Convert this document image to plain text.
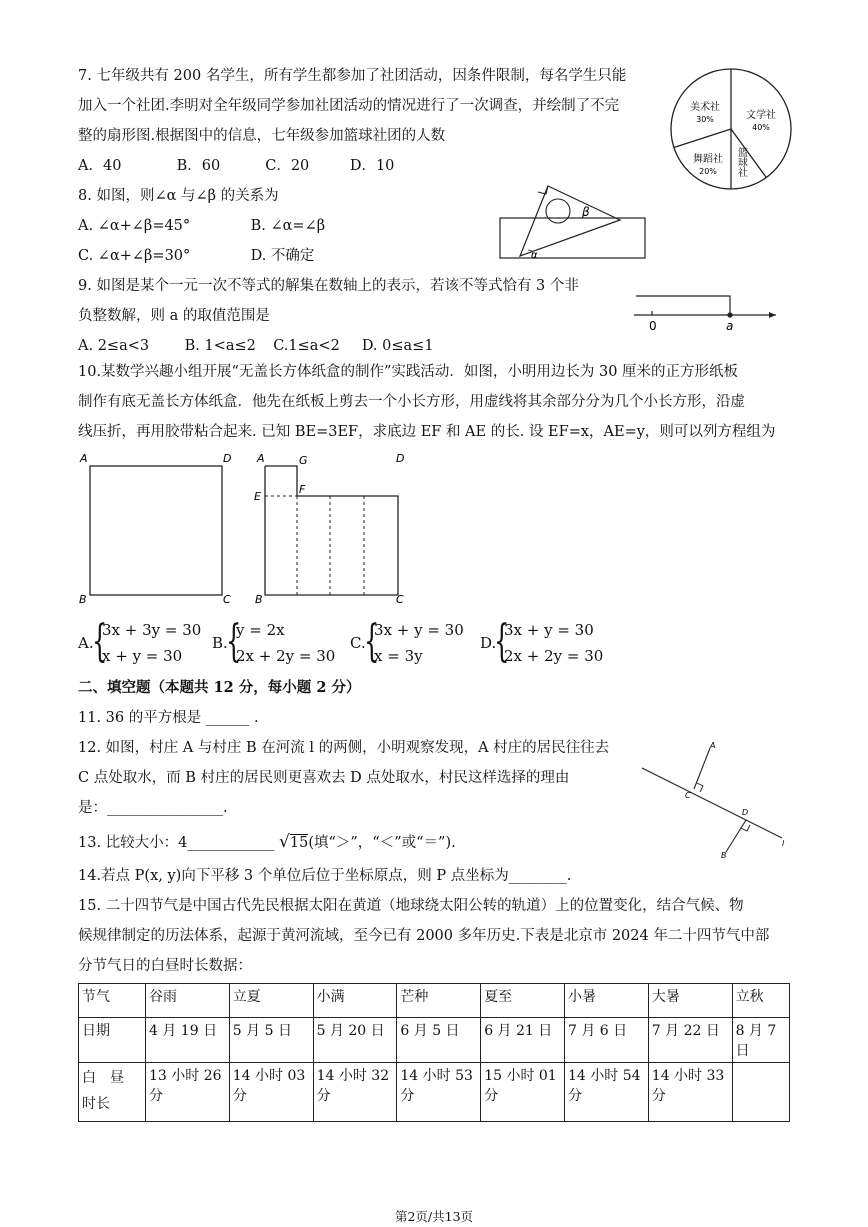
7. 七年级共有 200 名学生，所有学生都参加了社团活动，因条件限制，每名学生只能
加入一个社团.李明对全年级同学参加社团活动的情况进行了一次调查，并绘制了不完
整的扇形图.根据图中的信息，七年级参加篮球社团的人数
A．40	B．60	C．20	D．10
文学社
40%
美术社
30%
舞蹈社
20% 篮球社
8. 如图，则∠α 与∠β 的关系为
A. ∠α+∠β=45°	B. ∠α=∠β
C. ∠α+∠β=30°	D. 不确定	α
β
9. 如图是某个一元一次不等式的解集在数轴上的表示，若该不等式恰有 3 个非
负整数解，则 a 的取值范围是
A. 2≤a<3 B. 1<a≤2 C.1≤a<2 D. 0≤a≤1
0	a
10.某数学兴趣小组开展“无盖长方体纸盒的制作”实践活动．如图，小明用边长为 30 厘米的正方形纸板
制作有底无盖长方体纸盒．他先在纸板上剪去一个小长方形，用虚线将其余部分分为几个小长方形，沿虚
线压折，再用胶带粘合起来. 已知 BE=3EF，求底边 EF 和 AE 的长. 设 EF=x，AE=y，则可以列方程组为
A	D
B	C
A	G	D
E
F
B	C
A.
{
3x + 3y = 30
x + y = 30
B.
{
y = 2x
2x + 2y = 30
C.
{
3x + y = 30
x = 3y
D.
{
3x + y = 30
2x + 2y = 30
二、填空题（本题共 12 分，每小题 2 分）
11. 36 的平方根是 ______ .
12. 如图，村庄 A 与村庄 B 在河流 l 的两侧，小明观察发现，A 村庄的居民往往去
C 点处取水，而 B 村庄的居民则更喜欢去 D 点处取水，村民这样选择的理由
是：________________.
A
C
D
B
l
13. 比较大小：4____________ √15(填“＞”，“＜”或“＝”).
14.若点 P(x, y)向下平移 3 个单位后位于坐标原点，则 P 点坐标为________.
15. 二十四节气是中国古代先民根据太阳在黄道（地球绕太阳公转的轨道）上的位置变化，结合气候、物
候规律制定的历法体系，起源于黄河流域，至今已有 2000 多年历史.下表是北京市 2024 年二十四节气中部
分节气日的白昼时长数据：
节气	谷雨	立夏	小满	芒种	夏至	小暑	大暑	立秋
日期	4 月 19 日	5 月 5 日	5 月 20 日	6 月 5 日	6 月 21 日	7 月 6 日	7 月 22 日	8 月 7 日
白　昼　时长	13 小时 26 分	14 小时 03 分	14 小时 32 分	14 小时 53 分	15 小时 01 分	14 小时 54 分	14 小时 33 分	
第2页/共13页
